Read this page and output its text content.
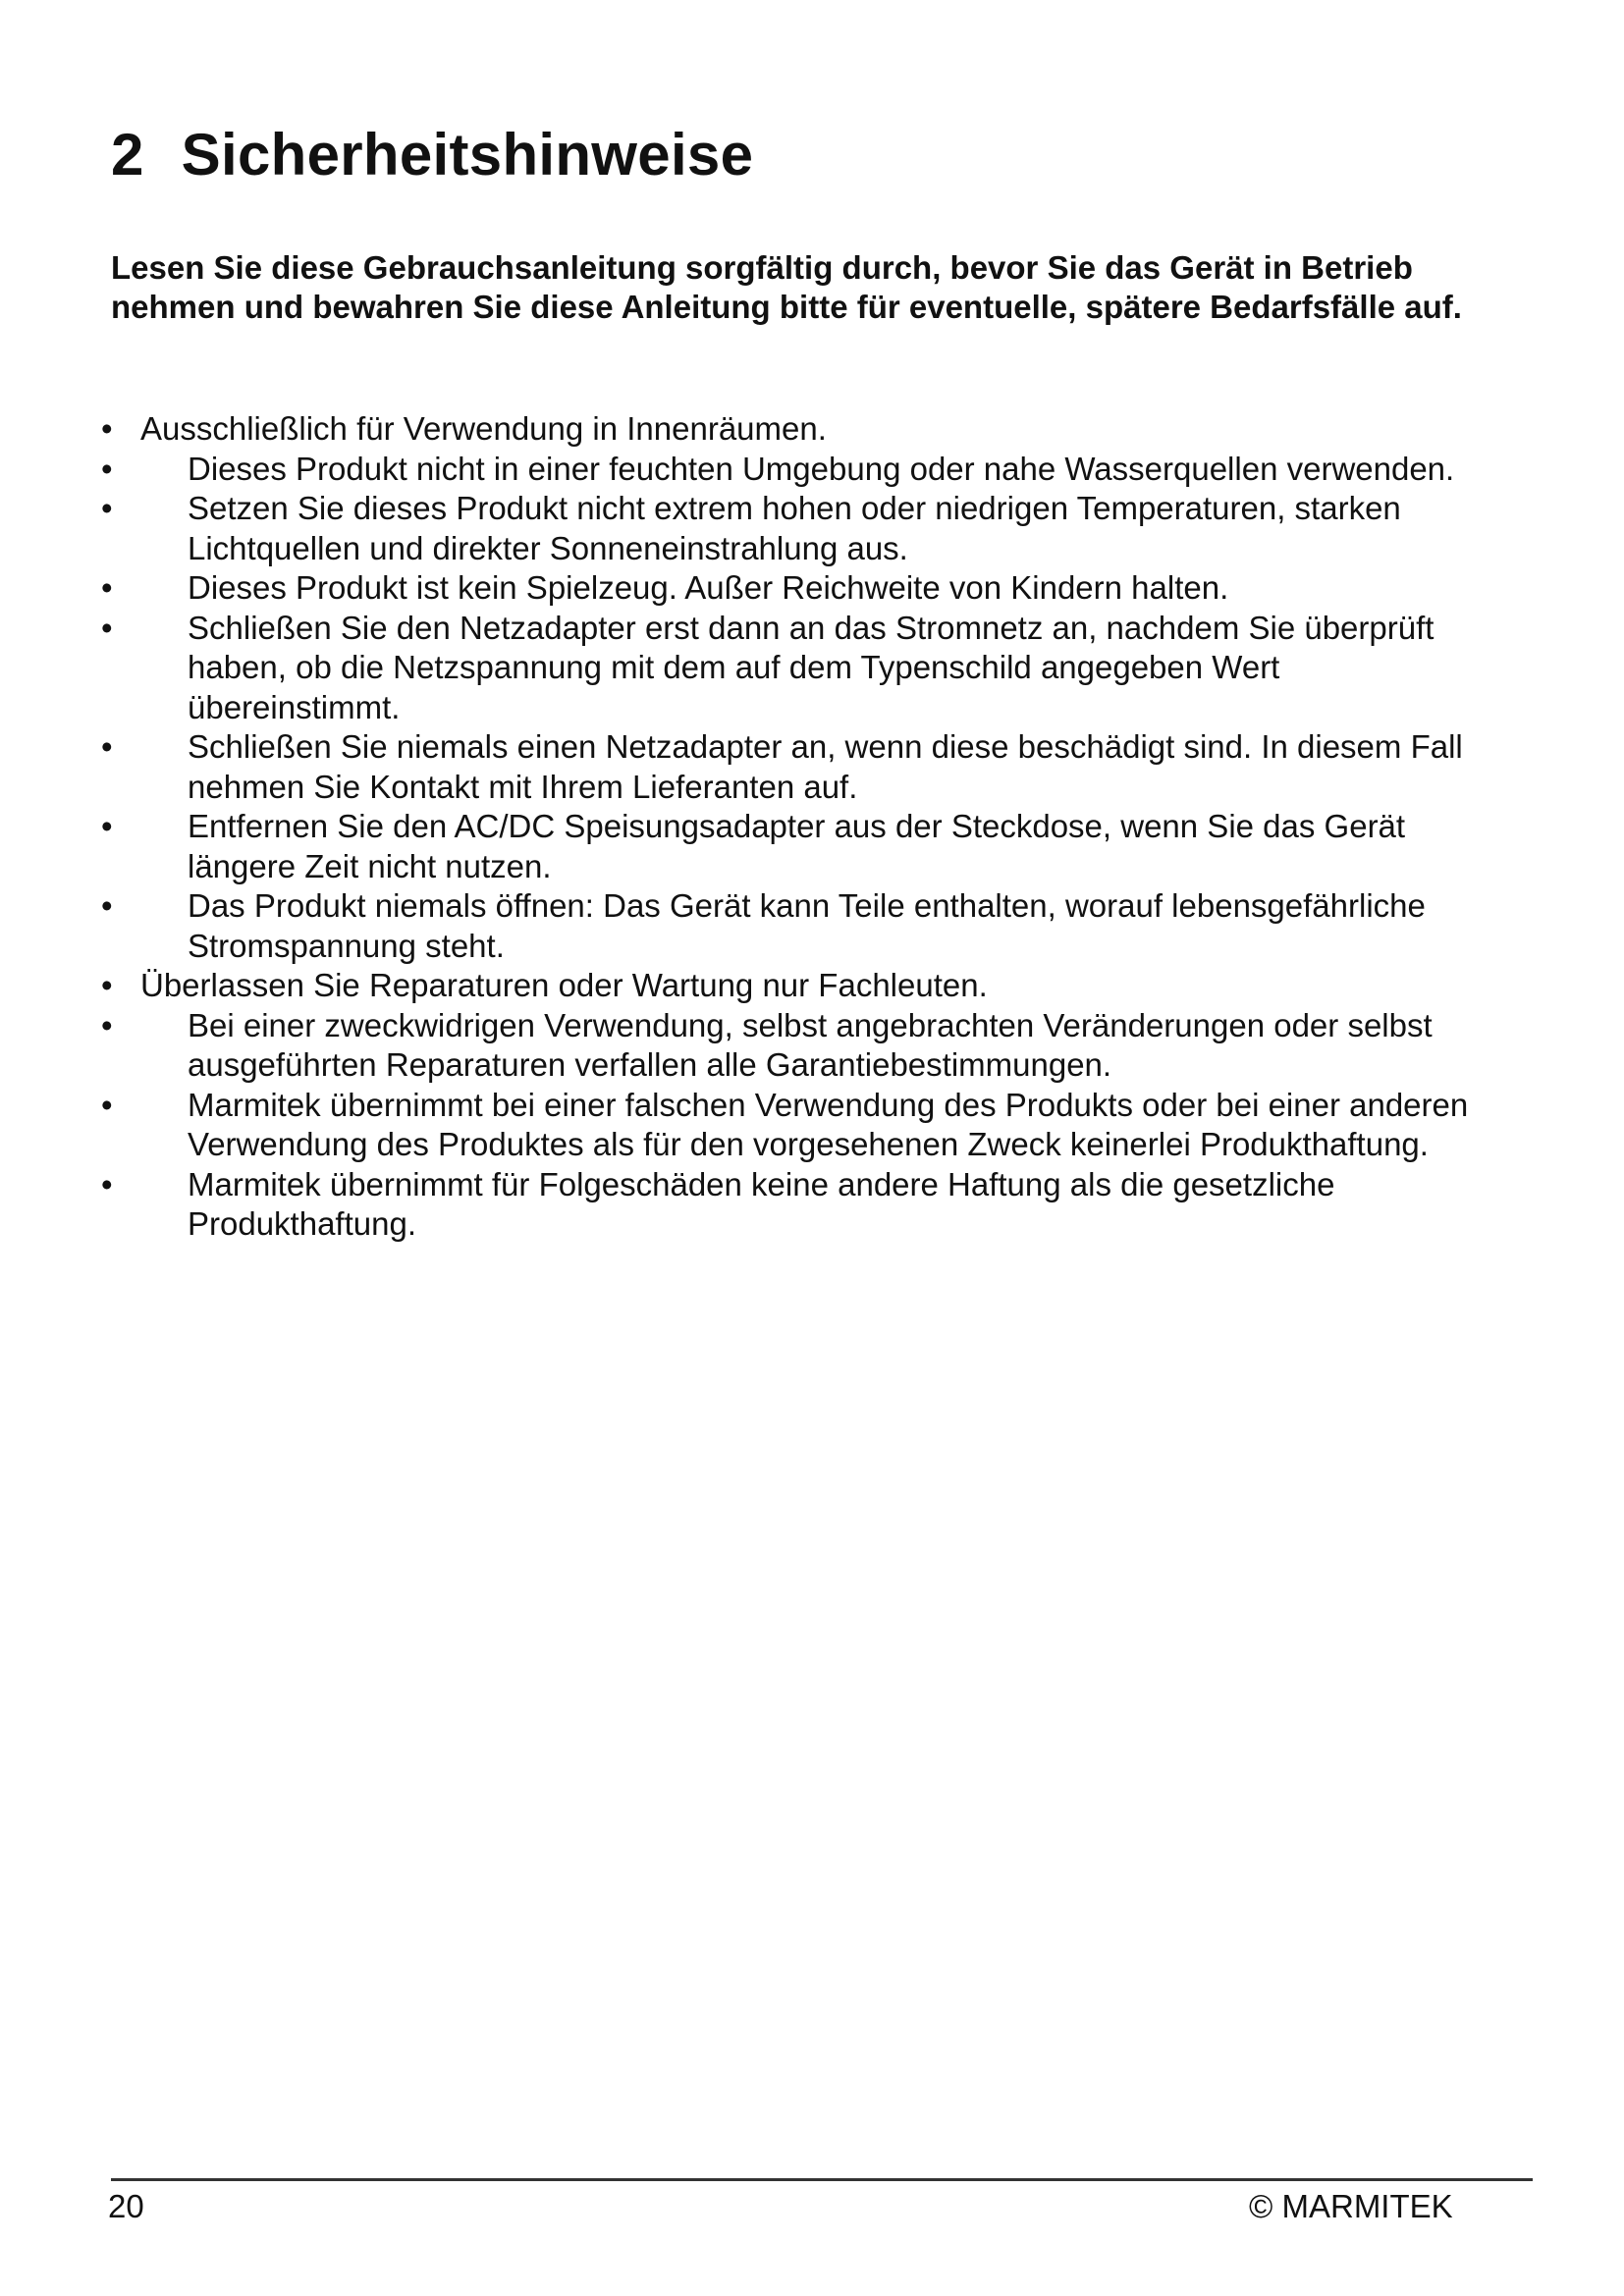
2 Sicherheitshinweise

Lesen Sie diese Gebrauchsanleitung sorgfältig durch, bevor Sie das Gerät in Betrieb nehmen und bewahren Sie diese Anleitung bitte für eventuelle, spätere Bedarfsfälle auf.

• Ausschließlich für Verwendung in Innenräumen.
•	Dieses Produkt nicht in einer feuchten Umgebung oder nahe Wasserquellen verwenden.
•	Setzen Sie dieses Produkt nicht extrem hohen oder niedrigen Temperaturen, starken Lichtquellen und direkter Sonneneinstrahlung aus.
•	Dieses Produkt ist kein Spielzeug. Außer Reichweite von Kindern halten.
•	Schließen Sie den Netzadapter erst dann an das Stromnetz an, nachdem Sie überprüft haben, ob die Netzspannung mit dem auf dem Typenschild angegeben Wert übereinstimmt.
•	Schließen Sie niemals einen Netzadapter an, wenn diese beschädigt sind. In diesem Fall nehmen Sie Kontakt mit Ihrem Lieferanten auf.
•	Entfernen Sie den AC/DC Speisungsadapter aus der Steckdose, wenn Sie das Gerät längere Zeit nicht nutzen.
•	Das Produkt niemals öffnen: Das Gerät kann Teile enthalten, worauf lebensgefährliche Stromspannung steht.
• Überlassen Sie Reparaturen oder Wartung nur Fachleuten.
•	Bei einer zweckwidrigen Verwendung, selbst angebrachten Veränderungen oder selbst ausgeführten Reparaturen verfallen alle Garantiebestimmungen.
•	Marmitek übernimmt bei einer falschen Verwendung des Produkts oder bei einer anderen Verwendung des Produktes als für den vorgesehenen Zweck keinerlei Produkthaftung.
•	Marmitek übernimmt für Folgeschäden keine andere Haftung als die gesetzliche Produkthaftung.
20	© MARMITEK
